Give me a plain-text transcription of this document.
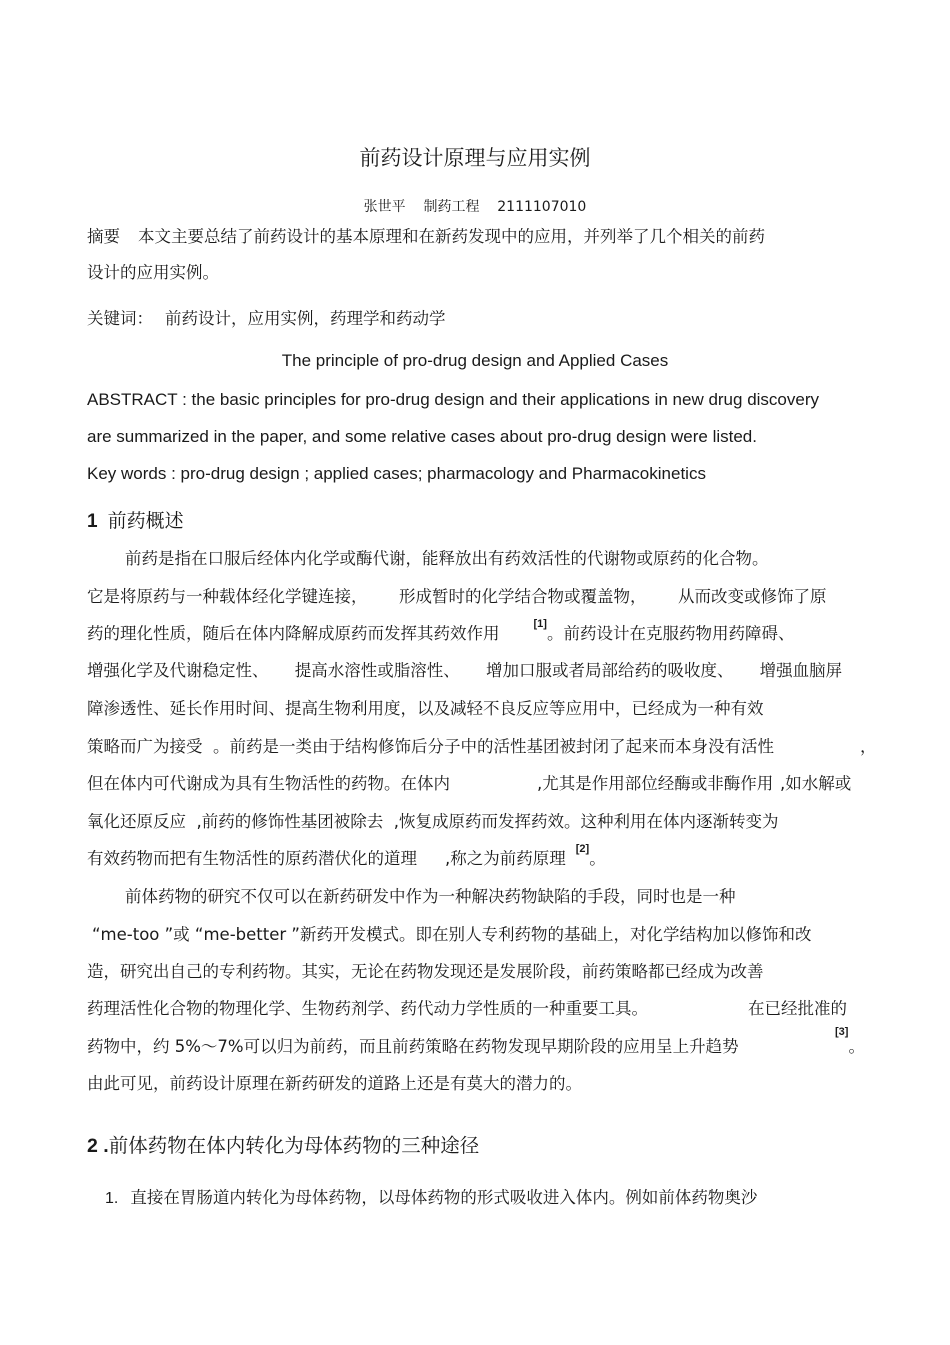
前药设计原理与应用实例
张世平    制药工程    2111107010
摘要 本文主要总结了前药设计的基本原理和在新药发现中的应用，并列举了几个相关的前药
设计的应用实例。
关键词： 前药设计，应用实例，药理学和药动学
The principle of pro-drug design and Applied Cases
ABSTRACT : the basic principles for pro-drug design and their applications in new drug discovery
are summarized in the paper, and some relative cases about pro-drug design were listed.
Key words : pro-drug design ; applied cases; pharmacology and Pharmacokinetics
1 前药概述
前药是指在口服后经体内化学或酶代谢，能释放出有药效活性的代谢物或原药的化合物。
它是将原药与一种载体经化学键连接，      形成暂时的化学结合物或覆盖物，      从而改变或修饰了原
药的理化性质，随后在体内降解成原药而发挥其药效作用	[1]。前药设计在克服药物用药障碍、
增强化学及代谢稳定性、     提高水溶性或脂溶性、     增加口服或者局部给药的吸收度、     增强血脑屏
障渗透性、延长作用时间、提高生物利用度，以及减轻不良反应等应用中，已经成为一种有效
策略而广为接受  。前药是一类由于结构修饰后分子中的活性基团被封闭了起来而本身没有活性	，
但在体内可代谢成为具有生物活性的药物。在体内	,尤其是作用部位经酶或非酶作用 ,如水解或
氧化还原反应  ,前药的修饰性基团被除去  ,恢复成原药而发挥药效。这种利用在体内逐渐转变为
有效药物而把有生物活性的原药潜伏化的道理 ,称之为前药原理 [2]。
前体药物的研究不仅可以在新药研发中作为一种解决药物缺陷的手段，同时也是一种
“me-too ”或 “me-better ”新药开发模式。即在别人专利药物的基础上，对化学结构加以修饰和改
造，研究出自己的专利药物。其实，无论在药物发现还是发展阶段，前药策略都已经成为改善
药理活性化合物的物理化学、生物药剂学、药代动力学性质的一种重要工具。	在已经批准的
药物中，约 5%～7%可以归为前药，而且前药策略在药物发现早期阶段的应用呈上升趋势
[3]。
由此可见，前药设计原理在新药研发的道路上还是有莫大的潜力的。
2 .前体药物在体内转化为母体药物的三种途径
1. 直接在胃肠道内转化为母体药物，以母体药物的形式吸收进入体内。例如前体药物奥沙
